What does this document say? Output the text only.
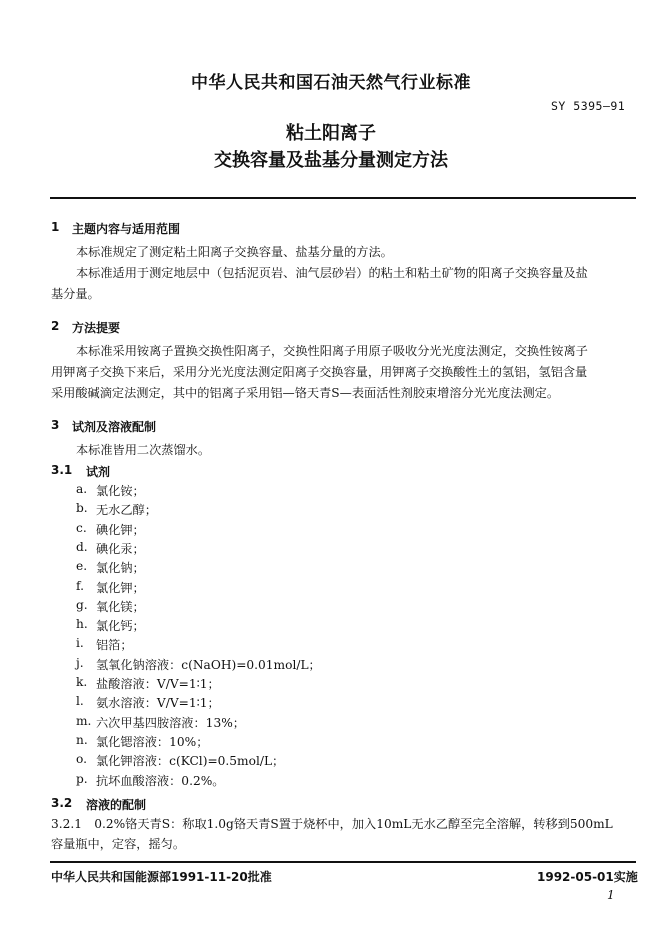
中华人民共和国石油天然气行业标准
SY 5395—91
粘土阳离子
交换容量及盐基分量测定方法
1 主题内容与适用范围
本标准规定了测定粘土阳离子交换容量、盐基分量的方法。
本标准适用于测定地层中（包括泥页岩、油气层砂岩）的粘土和粘土矿物的阳离子交换容量及盐
基分量。
2 方法提要
本标准采用铵离子置换交换性阳离子，交换性阳离子用原子吸收分光光度法测定，交换性铵离子
用钾离子交换下来后，采用分光光度法测定阳离子交换容量，用钾离子交换酸性土的氢铝，氢铝含量
采用酸碱滴定法测定，其中的铝离子采用铝—铬天青S—表面活性剂胶束增溶分光光度法测定。
3 试剂及溶液配制
本标准皆用二次蒸馏水。
3.1 试剂
a. 氯化铵；
b. 无水乙醇；
c. 碘化钾；
d. 碘化汞；
e. 氯化钠；
f. 氯化钾；
g. 氧化镁；
h. 氯化钙；
i. 铝箔；
j. 氢氧化钠溶液：c(NaOH)=0.01mol/L；
k. 盐酸溶液：V/V=1∶1；
l. 氨水溶液：V/V=1∶1；
m. 六次甲基四胺溶液：13%；
n. 氯化锶溶液：10%；
o. 氯化钾溶液：c(KCl)=0.5mol/L；
p. 抗坏血酸溶液：0.2%。
3.2 溶液的配制
3.2.1　0.2%铬天青S：称取1.0g铬天青S置于烧杯中，加入10mL无水乙醇至完全溶解，转移到500mL
容量瓶中，定容，摇匀。
中华人民共和国能源部1991-11-20批准	1992-05-01实施
1
